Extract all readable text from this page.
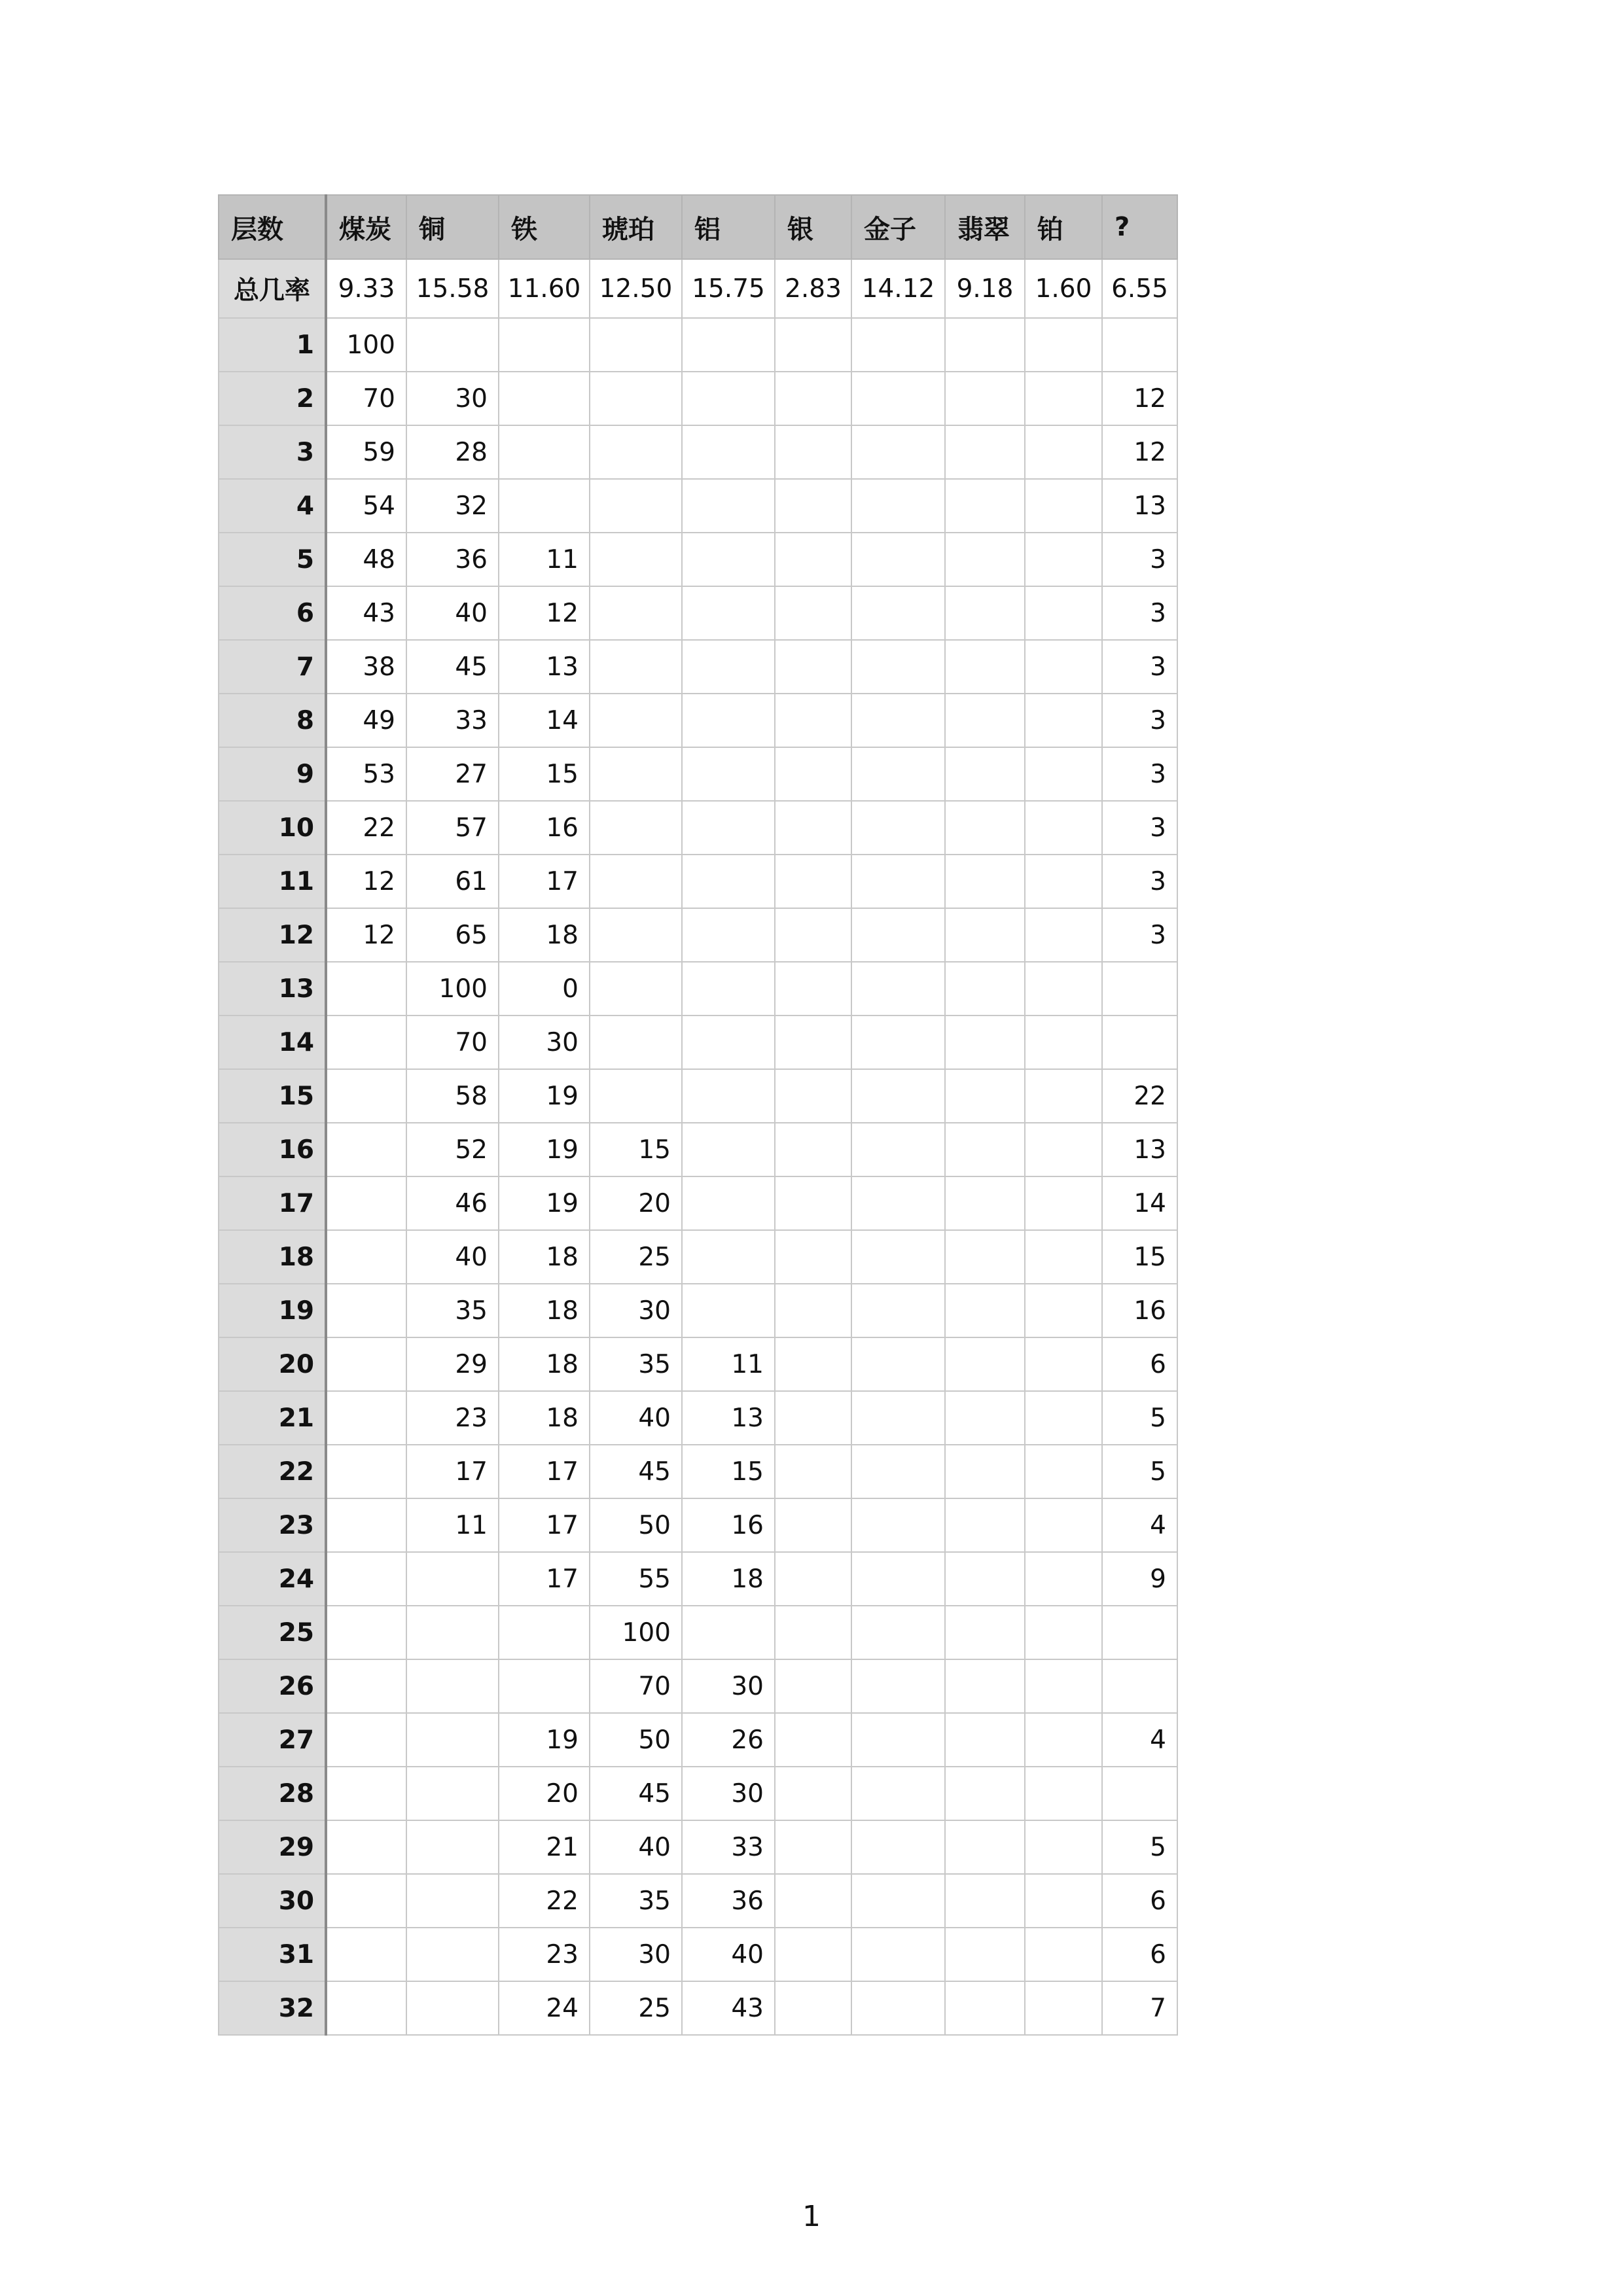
层数	煤炭	铜	铁	琥珀	铝	银	金子	翡翠	铂	?
总几率	9.33	15.58	11.60	12.50	15.75	2.83	14.12	9.18	1.60	6.55
1	100									
2	70	30								12
3	59	28								12
4	54	32								13
5	48	36	11							3
6	43	40	12							3
7	38	45	13							3
8	49	33	14							3
9	53	27	15							3
10	22	57	16							3
11	12	61	17							3
12	12	65	18							3
13		100	0							
14		70	30							
15		58	19							22
16		52	19	15						13
17		46	19	20						14
18		40	18	25						15
19		35	18	30						16
20		29	18	35	11					6
21		23	18	40	13					5
22		17	17	45	15					5
23		11	17	50	16					4
24			17	55	18					9
25				100						
26				70	30					
27			19	50	26					4
28			20	45	30					
29			21	40	33					5
30			22	35	36					6
31			23	30	40					6
32			24	25	43					7
1
